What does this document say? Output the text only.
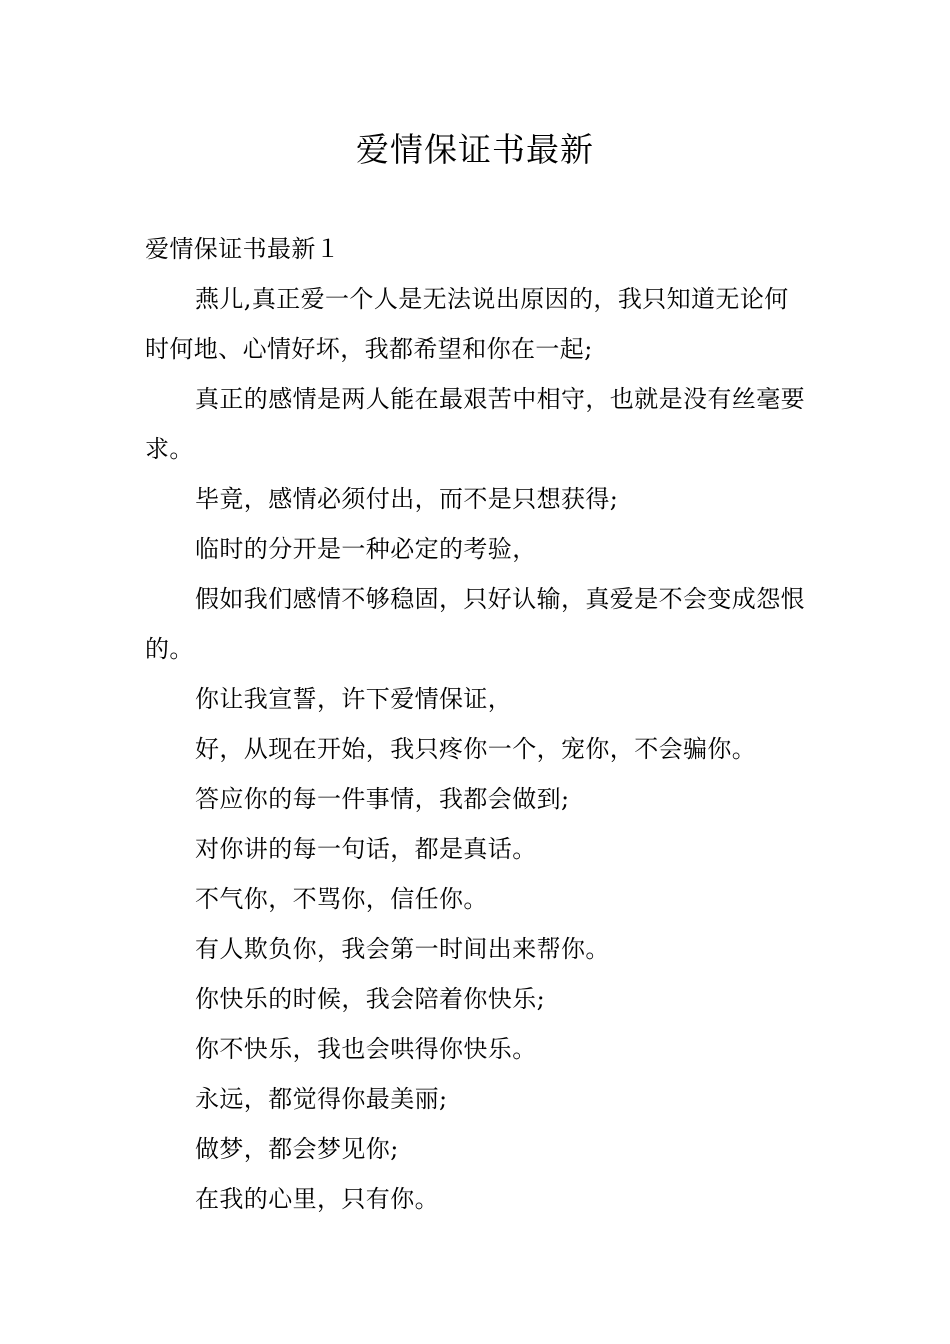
爱情保证书最新

爱情保证书最新１

燕儿,真正爱一个人是无法说出原因的，我只知道无论何时何地、心情好坏，我都希望和你在一起;

真正的感情是两人能在最艰苦中相守，也就是没有丝毫要求。

毕竟，感情必须付出，而不是只想获得;

临时的分开是一种必定的考验，

假如我们感情不够稳固，只好认输，真爱是不会变成怨恨的。

你让我宣誓，许下爱情保证，

好，从现在开始，我只疼你一个，宠你，不会骗你。

答应你的每一件事情，我都会做到;

对你讲的每一句话，都是真话。

不气你，不骂你，信任你。

有人欺负你，我会第一时间出来帮你。

你快乐的时候，我会陪着你快乐;

你不快乐，我也会哄得你快乐。

永远，都觉得你最美丽;

做梦，都会梦见你;

在我的心里，只有你。
